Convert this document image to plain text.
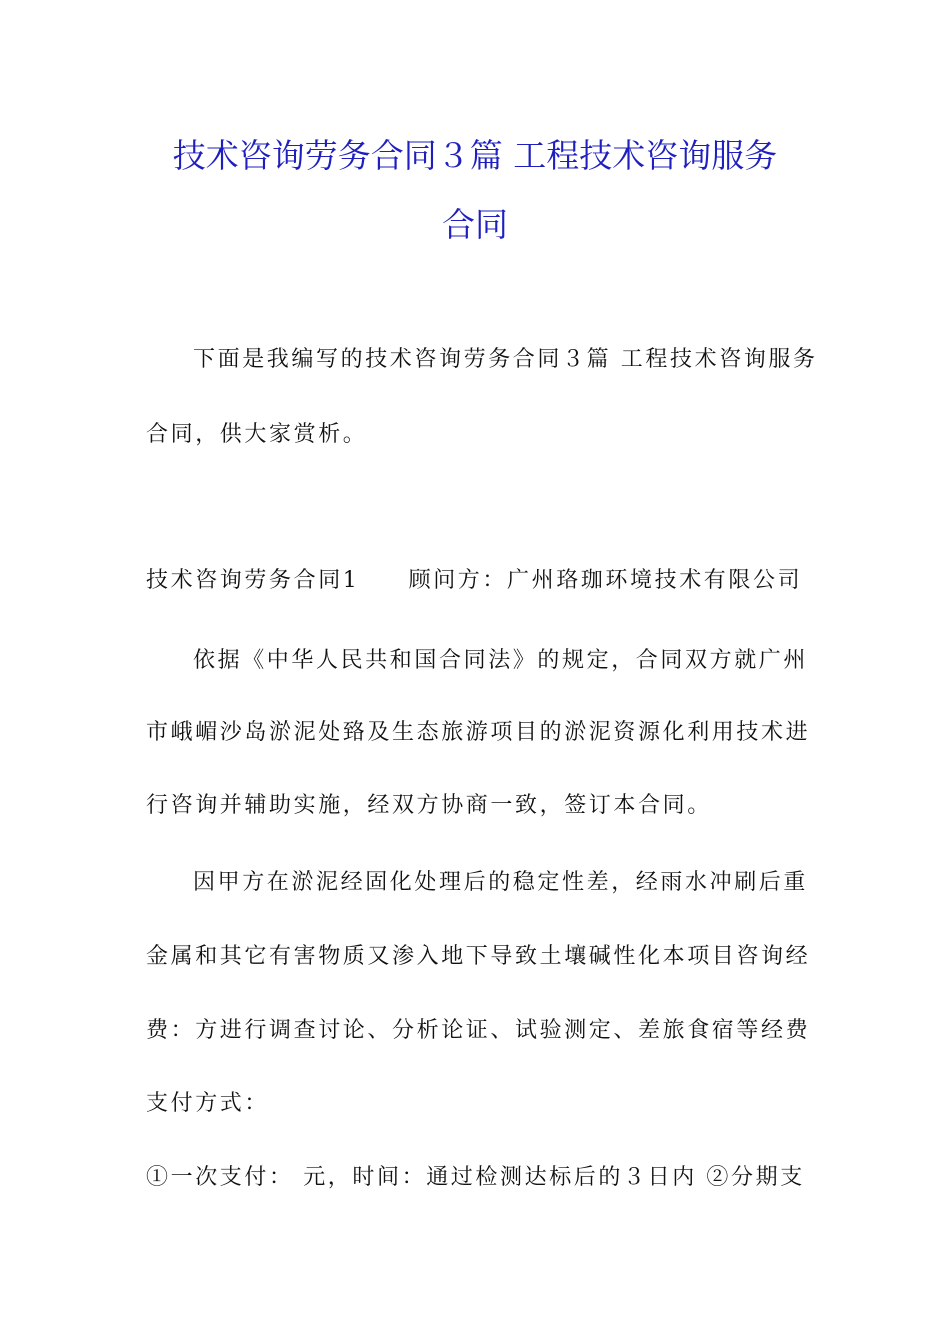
技术咨询劳务合同３篇 工程技术咨询服务
合同
下面是我编写的技术咨询劳务合同３篇 工程技术咨询服务
合同，供大家赏析。
技术咨询劳务合同1　　顾问方：广州珞珈环境技术有限公司
依据《中华人民共和国合同法》的规定，合同双方就广州
市峨嵋沙岛淤泥处臵及生态旅游项目的淤泥资源化利用技术进
行咨询并辅助实施，经双方协商一致，签订本合同。
因甲方在淤泥经固化处理后的稳定性差，经雨水冲刷后重
金属和其它有害物质又渗入地下导致土壤碱性化本项目咨询经
费：方进行调查讨论、分析论证、试验测定、差旅食宿等经费
支付方式：
①一次支付： 元，时间：通过检测达标后的３日内 ②分期支
